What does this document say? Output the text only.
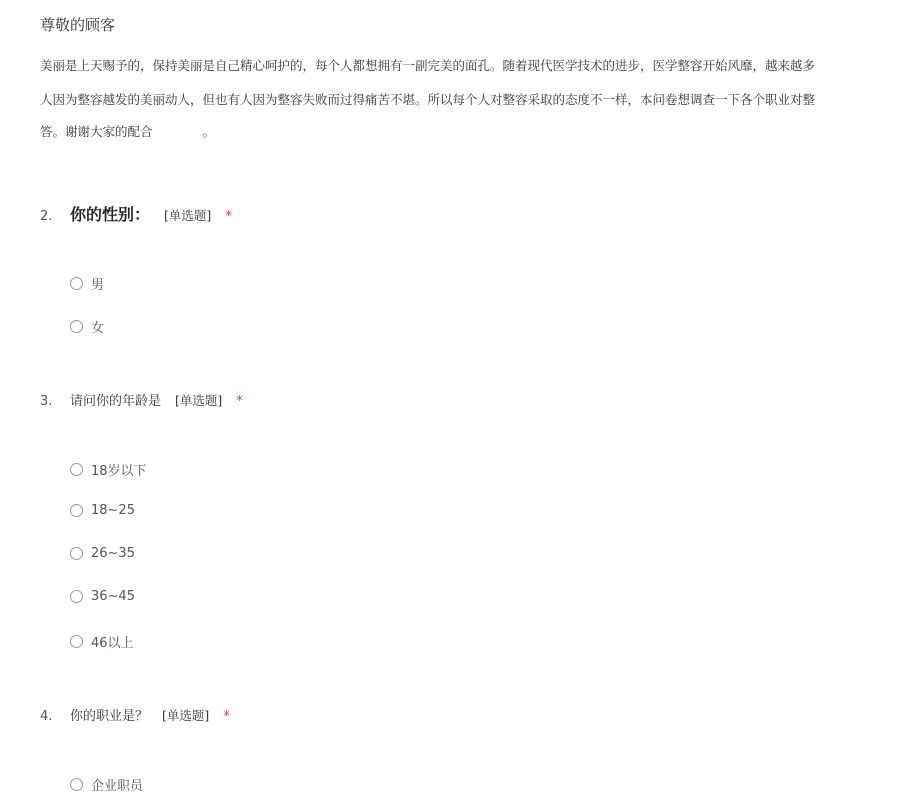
尊敬的顾客
美丽是上天赐予的，保持美丽是自己精心呵护的，每个人都想拥有一副完美的面孔。随着现代医学技术的进步，医学整容开始风靡，越来越多
人因为整容越发的美丽动人，但也有人因为整容失败而过得痛苦不堪。所以每个人对整容采取的态度不一样，本问卷想调查一下各个职业对整
答。谢谢大家的配合	。
2.	你的性别： [单选题] *
男
女
3.	请问你的年龄是 [单选题] *
18岁以下
18~25
26~35
36~45
46以上
4.	你的职业是？ [单选题] *
企业职员
